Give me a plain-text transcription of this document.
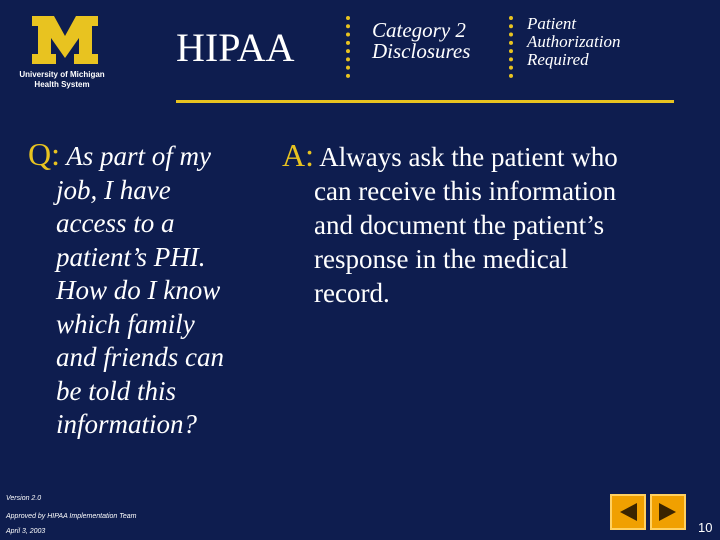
University of Michigan
Health System
HIPAA	Category 2
Disclosures
Patient
Authorization
Required
Q: As part of my
job, I have
access to a
patient’s PHI.
How do I know
which family
and friends can
be told this
information?
A: Always ask the patient who
can receive this information
and document the patient’s
response in the medical
record.
Version 2.0
Approved by HIPAA Implementation Team
April 3, 2003	10
